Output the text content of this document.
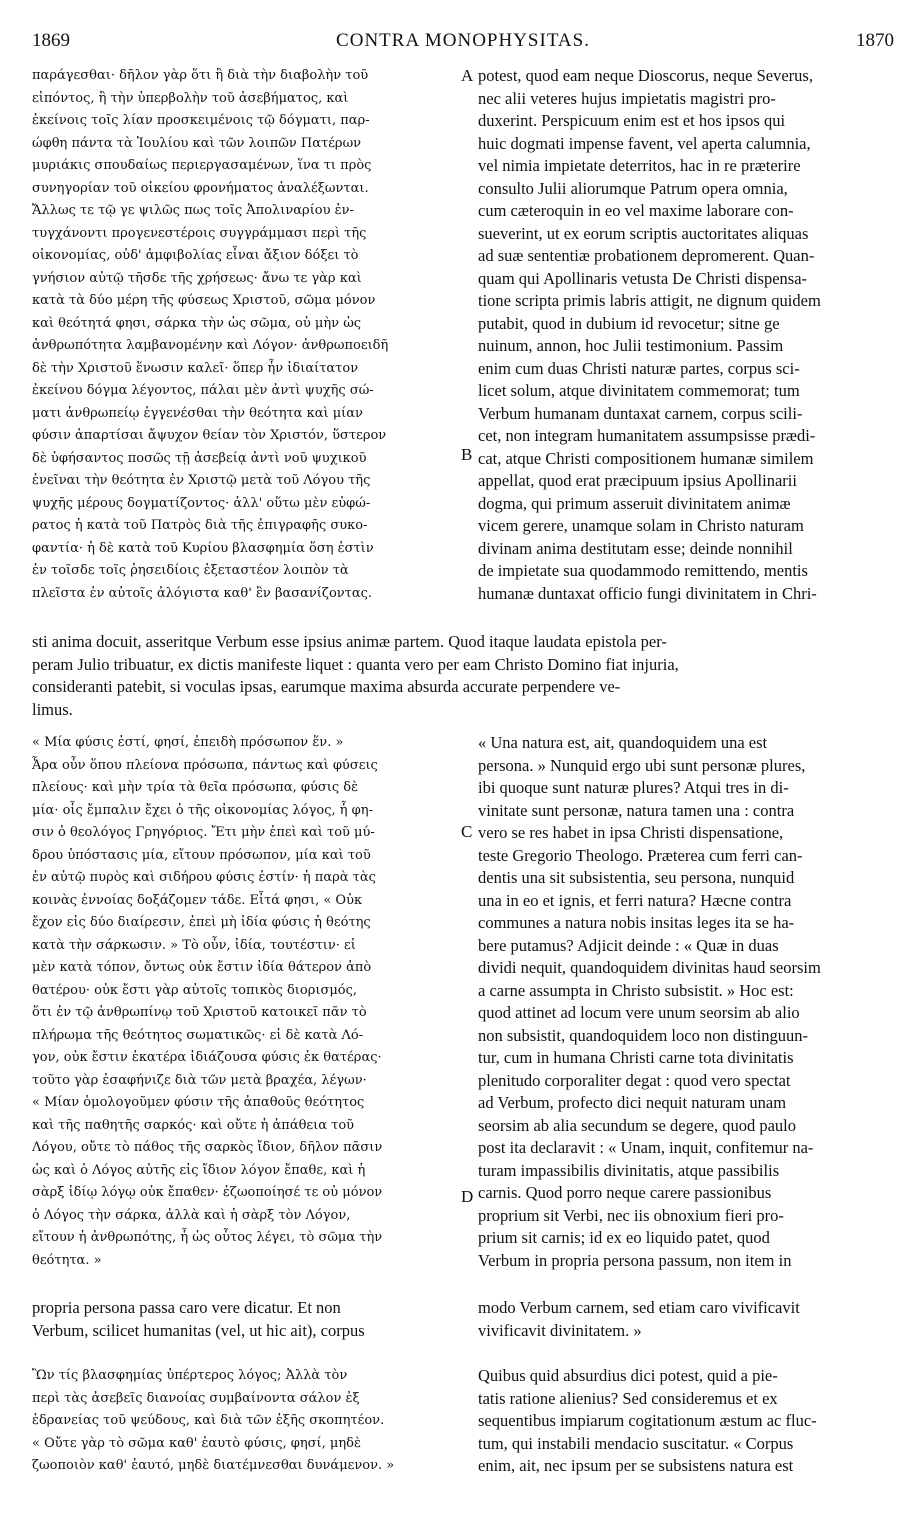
1869	CONTRA MONOPHYSITAS.	1870
A
B
C
D

παράγεσθαι· δῆλον γὰρ ὅτι ἢ διὰ τὴν διαβολὴν τοῦ

εἰπόντος, ἢ τὴν ὑπερβολὴν τοῦ ἀσεβήματος, καὶ

ἐκείνοις τοῖς λίαν προσκειμένοις τῷ δόγματι, παρ-

ώφθη πάντα τὰ Ἰουλίου καὶ τῶν λοιπῶν Πατέρων

μυριάκις σπουδαίως περιεργασαμένων, ἵνα τι πρὸς

συνηγορίαν τοῦ οἰκείου φρονήματος ἀναλέξωνται.

Ἄλλως τε τῷ γε ψιλῶς πως τοῖς Ἀπολιναρίου ἐν-

τυγχάνοντι προγενεστέροις συγγράμμασι περὶ τῆς

οἰκονομίας, οὐδ' ἀμφιβολίας εἶναι ἄξιον δόξει τὸ

γνήσιον αὐτῷ τῆσδε τῆς χρήσεως· ἄνω τε γὰρ καὶ

κατὰ τὰ δύο μέρη τῆς φύσεως Χριστοῦ, σῶμα μόνον

καὶ θεότητά φησι, σάρκα τὴν ὡς σῶμα, οὐ μὴν ὡς

ἀνθρωπότητα λαμβανομένην καὶ Λόγον· ἀνθρωποειδῆ

δὲ τὴν Χριστοῦ ἕνωσιν καλεῖ· ὅπερ ἦν ἰδιαίτατον

ἐκείνου δόγμα λέγοντος, πάλαι μὲν ἀντὶ ψυχῆς σώ-

ματι ἀνθρωπείῳ ἐγγενέσθαι τὴν θεότητα καὶ μίαν

φύσιν ἀπαρτίσαι ἄψυχον θείαν τὸν Χριστόν, ὕστερον

δὲ ὑφήσαντος ποσῶς τῇ ἀσεβείᾳ ἀντὶ νοῦ ψυχικοῦ

ἐνεῖναι τὴν θεότητα ἐν Χριστῷ μετὰ τοῦ Λόγου τῆς

ψυχῆς μέρους δογματίζοντος· ἀλλ' οὕτω μὲν εὐφώ-

ρατος ἡ κατὰ τοῦ Πατρὸς διὰ τῆς ἐπιγραφῆς συκο-

φαντία· ἡ δὲ κατὰ τοῦ Κυρίου βλασφημία ὅση ἐστὶν

ἐν τοῖσδε τοῖς ῥησειδίοις ἐξεταστέον λοιπὸν τὰ

πλεῖστα ἐν αὐτοῖς ἀλόγιστα καθ' ἓν βασανίζοντας.

potest, quod eam neque Dioscorus, neque Severus,

nec alii veteres hujus impietatis magistri pro-

duxerint. Perspicuum enim est et hos ipsos qui

huic dogmati impense favent, vel aperta calumnia,

vel nimia impietate deterritos, hac in re præterire

consulto Julii aliorumque Patrum opera omnia,

cum cæteroquin in eo vel maxime laborare con-

sueverint, ut ex eorum scriptis auctoritates aliquas

ad suæ sententiæ probationem depromerent. Quan-

quam qui Apollinaris vetusta De Christi dispensa-

tione scripta primis labris attigit, ne dignum quidem

putabit, quod in dubium id revocetur; sitne ge

nuinum, annon, hoc Julii testimonium. Passim

enim cum duas Christi naturæ partes, corpus sci-

licet solum, atque divinitatem commemorat; tum

Verbum humanam duntaxat carnem, corpus scili-

cet, non integram humanitatem assumpsisse prædi-

cat, atque Christi compositionem humanæ similem

appellat, quod erat præcipuum ipsius Apollinarii

dogma, qui primum asseruit divinitatem animæ

vicem gerere, unamque solam in Christo naturam

divinam anima destitutam esse; deinde nonnihil

de impietate sua quodammodo remittendo, mentis

humanæ duntaxat officio fungi divinitatem in Chri-

sti anima docuit, asseritque Verbum esse ipsius animæ partem. Quod itaque laudata epistola per-

peram Julio tribuatur, ex dictis manifeste liquet : quanta vero per eam Christo Domino fiat injuria,

consideranti patebit, si voculas ipsas, earumque maxima absurda accurate perpendere ve-

limus.

« Μία φύσις ἐστί, φησί, ἐπειδὴ πρόσωπον ἕν. »

Ἆρα οὖν ὅπου πλείονα πρόσωπα, πάντως καὶ φύσεις

πλείους· καὶ μὴν τρία τὰ θεῖα πρόσωπα, φύσις δὲ

μία· οἷς ἔμπαλιν ἔχει ὁ τῆς οἰκονομίας λόγος, ἧ φη-

σιν ὁ θεολόγος Γρηγόριος. Ἔτι μὴν ἐπεὶ καὶ τοῦ μύ-

δρου ὑπόστασις μία, εἴτουν πρόσωπον, μία καὶ τοῦ

ἐν αὐτῷ πυρὸς καὶ σιδήρου φύσις ἐστίν· ἡ παρὰ τὰς

κοινὰς ἐννοίας δοξάζομεν τάδε. Εἶτά φησι, « Οὐκ

ἔχον εἰς δύο διαίρεσιν, ἐπεὶ μὴ ἰδία φύσις ἡ θεότης

κατὰ τὴν σάρκωσιν. » Τὸ οὖν, ἰδία, τουτέστιν· εἰ

μὲν κατὰ τόπον, ὄντως οὐκ ἔστιν ἰδία θάτερον ἀπὸ

θατέρου· οὐκ ἔστι γὰρ αὐτοῖς τοπικὸς διορισμός,

ὅτι ἐν τῷ ἀνθρωπίνῳ τοῦ Χριστοῦ κατοικεῖ πᾶν τὸ

πλήρωμα τῆς θεότητος σωματικῶς· εἰ δὲ κατὰ Λό-

γον, οὐκ ἔστιν ἑκατέρα ἰδιάζουσα φύσις ἐκ θατέρας·

τοῦτο γὰρ ἐσαφήνιζε διὰ τῶν μετὰ βραχέα, λέγων·

« Μίαν ὁμολογοῦμεν φύσιν τῆς ἀπαθοῦς θεότητος

καὶ τῆς παθητῆς σαρκός· καὶ οὔτε ἡ ἀπάθεια τοῦ

Λόγου, οὔτε τὸ πάθος τῆς σαρκὸς ἴδιον, δῆλον πᾶσιν

ὡς καὶ ὁ Λόγος αὐτῆς εἰς ἴδιον λόγον ἔπαθε, καὶ ἡ

σὰρξ ἰδίῳ λόγῳ οὐκ ἔπαθεν· ἐζωοποίησέ τε οὐ μόνον

ὁ Λόγος τὴν σάρκα, ἀλλὰ καὶ ἡ σὰρξ τὸν Λόγον,

εἴτουν ἡ ἀνθρωπότης, ἧ ὡς οὗτος λέγει, τὸ σῶμα τὴν

θεότητα. »

« Una natura est, ait, quandoquidem una est

persona. » Nunquid ergo ubi sunt personæ plures,

ibi quoque sunt naturæ plures? Atqui tres in di-

vinitate sunt personæ, natura tamen una : contra

vero se res habet in ipsa Christi dispensatione,

teste Gregorio Theologo. Præterea cum ferri can-

dentis una sit subsistentia, seu persona, nunquid

una in eo et ignis, et ferri natura? Hæcne contra

communes a natura nobis insitas leges ita se ha-

bere putamus? Adjicit deinde : « Quæ in duas

dividi nequit, quandoquidem divinitas haud seorsim

a carne assumpta in Christo subsistit. » Hoc est:

quod attinet ad locum vere unum seorsim ab alio

non subsistit, quandoquidem loco non distinguun-

tur, cum in humana Christi carne tota divinitatis

plenitudo corporaliter degat : quod vero spectat

ad Verbum, profecto dici nequit naturam unam

seorsim ab alia secundum se degere, quod paulo

post ita declaravit : « Unam, inquit, confitemur na-

turam impassibilis divinitatis, atque passibilis

carnis. Quod porro neque carere passionibus

proprium sit Verbi, nec iis obnoxium fieri pro-

prium sit carnis; id ex eo liquido patet, quod

Verbum in propria persona passum, non item in

propria persona passa caro vere dicatur. Et non

Verbum, scilicet humanitas (vel, ut hic ait), corpus

modo Verbum carnem, sed etiam caro vivificavit

vivificavit divinitatem. »

Ὢν τίς βλασφημίας ὑπέρτερος λόγος; Ἀλλὰ τὸν

περὶ τὰς ἀσεβεῖς διανοίας συμβαίνοντα σάλον ἐξ

ἑδρανείας τοῦ ψεύδους, καὶ διὰ τῶν ἑξῆς σκοπητέον.

« Οὔτε γὰρ τὸ σῶμα καθ' ἑαυτὸ φύσις, φησί, μηδὲ

ζωοποιὸν καθ' ἑαυτό, μηδὲ διατέμνεσθαι δυνάμενον. »

Quibus quid absurdius dici potest, quid a pie-

tatis ratione alienius? Sed consideremus et ex

sequentibus impiarum cogitationum æstum ac fluc-

tum, qui instabili mendacio suscitatur. « Corpus

enim, ait, nec ipsum per se subsistens natura est
